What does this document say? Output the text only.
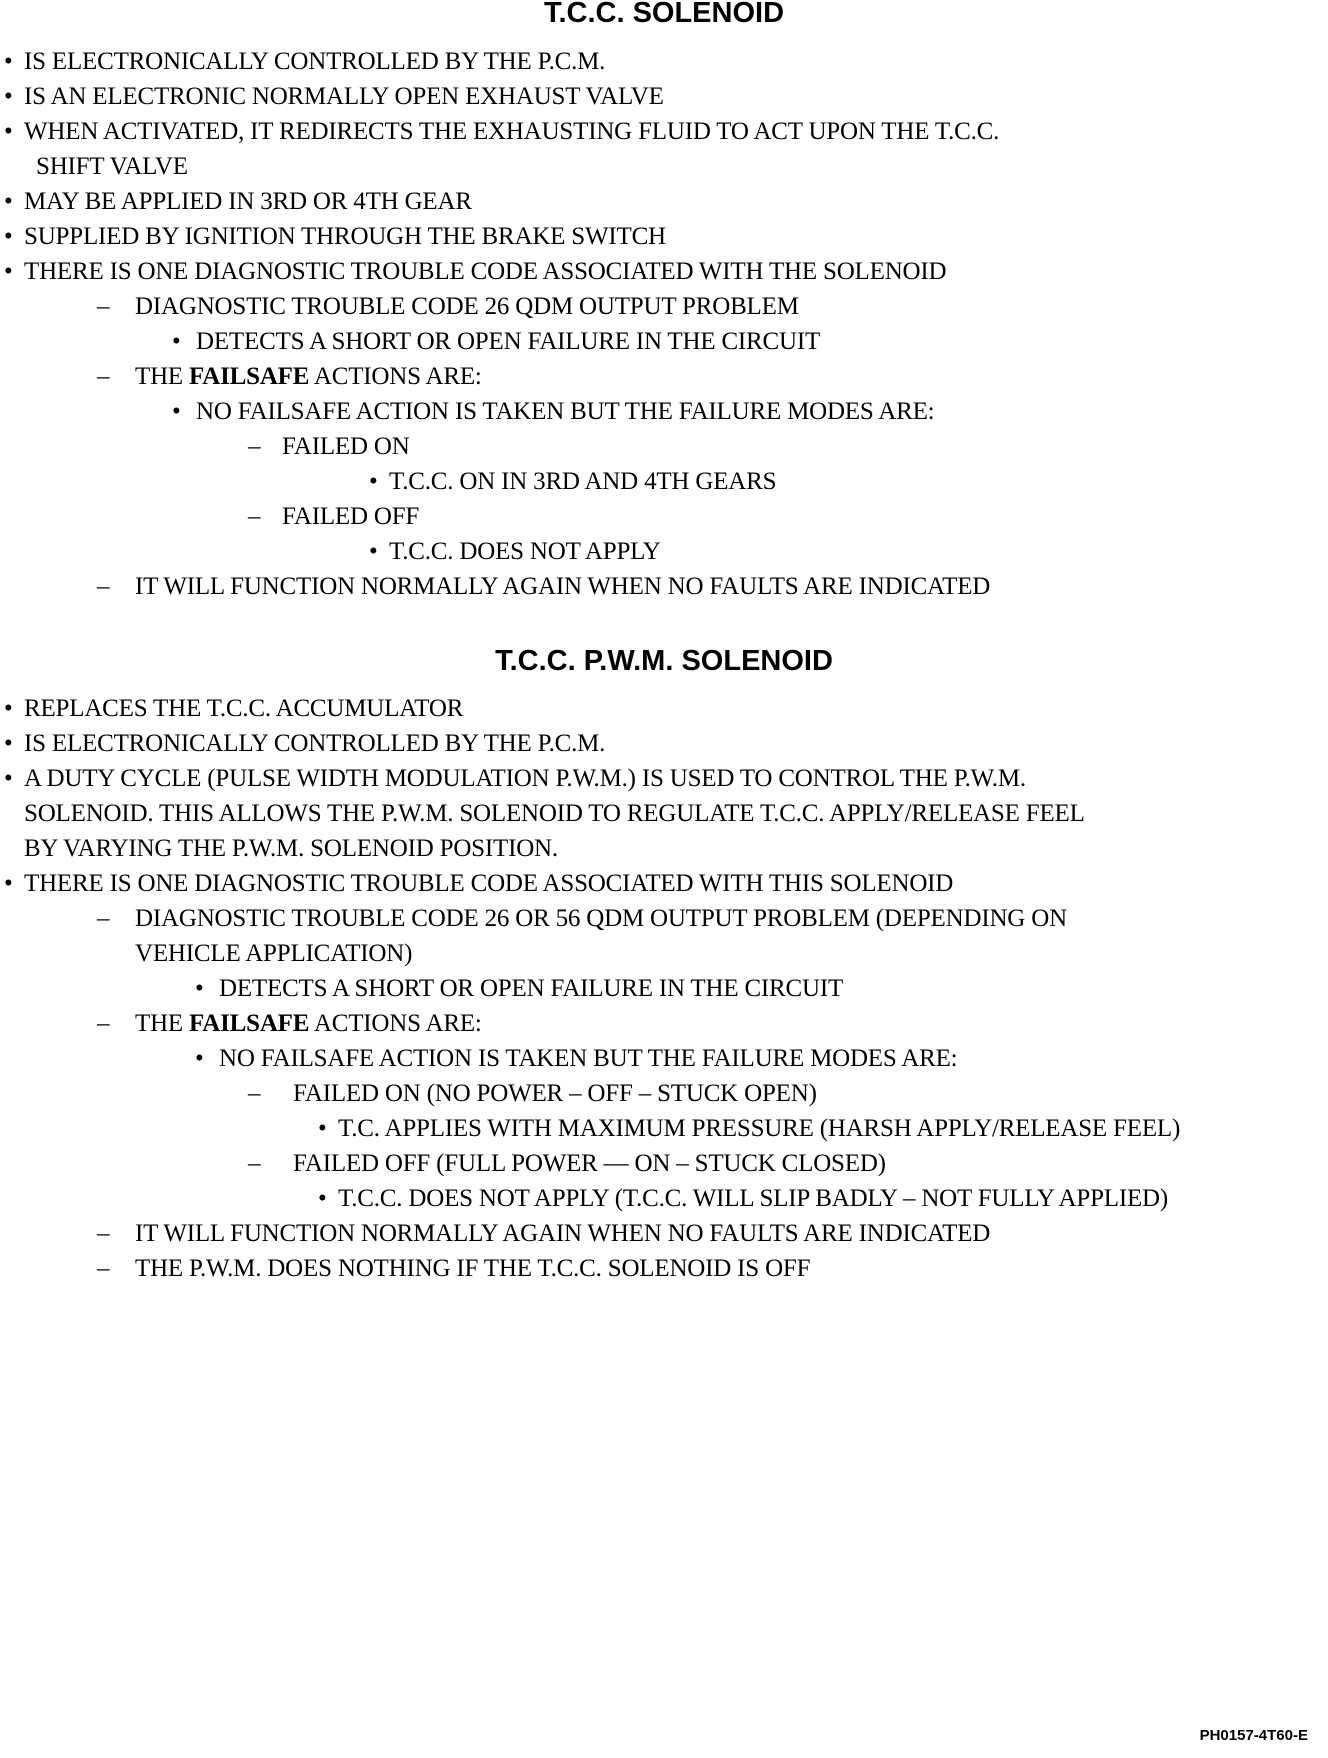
T.C.C. SOLENOID
• IS ELECTRONICALLY CONTROLLED BY THE P.C.M.
• IS AN ELECTRONIC NORMALLY OPEN EXHAUST VALVE
• WHEN ACTIVATED, IT REDIRECTS THE EXHAUSTING FLUID TO ACT UPON THE T.C.C.
SHIFT VALVE
• MAY BE APPLIED IN 3RD OR 4TH GEAR
• SUPPLIED BY IGNITION THROUGH THE BRAKE SWITCH
• THERE IS ONE DIAGNOSTIC TROUBLE CODE ASSOCIATED WITH THE SOLENOID
– DIAGNOSTIC TROUBLE CODE 26 QDM OUTPUT PROBLEM
• DETECTS A SHORT OR OPEN FAILURE IN THE CIRCUIT
– THE FAILSAFE ACTIONS ARE:
• NO FAILSAFE ACTION IS TAKEN BUT THE FAILURE MODES ARE:
– FAILED ON
• T.C.C. ON IN 3RD AND 4TH GEARS
– FAILED OFF
• T.C.C. DOES NOT APPLY
– IT WILL FUNCTION NORMALLY AGAIN WHEN NO FAULTS ARE INDICATED
T.C.C. P.W.M. SOLENOID
• REPLACES THE T.C.C. ACCUMULATOR
• IS ELECTRONICALLY CONTROLLED BY THE P.C.M.
• A DUTY CYCLE (PULSE WIDTH MODULATION P.W.M.) IS USED TO CONTROL THE P.W.M.
SOLENOID. THIS ALLOWS THE P.W.M. SOLENOID TO REGULATE T.C.C. APPLY/RELEASE FEEL
BY VARYING THE P.W.M. SOLENOID POSITION.
• THERE IS ONE DIAGNOSTIC TROUBLE CODE ASSOCIATED WITH THIS SOLENOID
– DIAGNOSTIC TROUBLE CODE 26 OR 56 QDM OUTPUT PROBLEM (DEPENDING ON
VEHICLE APPLICATION)
• DETECTS A SHORT OR OPEN FAILURE IN THE CIRCUIT
– THE FAILSAFE ACTIONS ARE:
• NO FAILSAFE ACTION IS TAKEN BUT THE FAILURE MODES ARE:
– FAILED ON (NO POWER – OFF – STUCK OPEN)
• T.C. APPLIES WITH MAXIMUM PRESSURE (HARSH APPLY/RELEASE FEEL)
– FAILED OFF (FULL POWER — ON – STUCK CLOSED)
• T.C.C. DOES NOT APPLY (T.C.C. WILL SLIP BADLY – NOT FULLY APPLIED)
– IT WILL FUNCTION NORMALLY AGAIN WHEN NO FAULTS ARE INDICATED
– THE P.W.M. DOES NOTHING IF THE T.C.C. SOLENOID IS OFF
PH0157-4T60-E
